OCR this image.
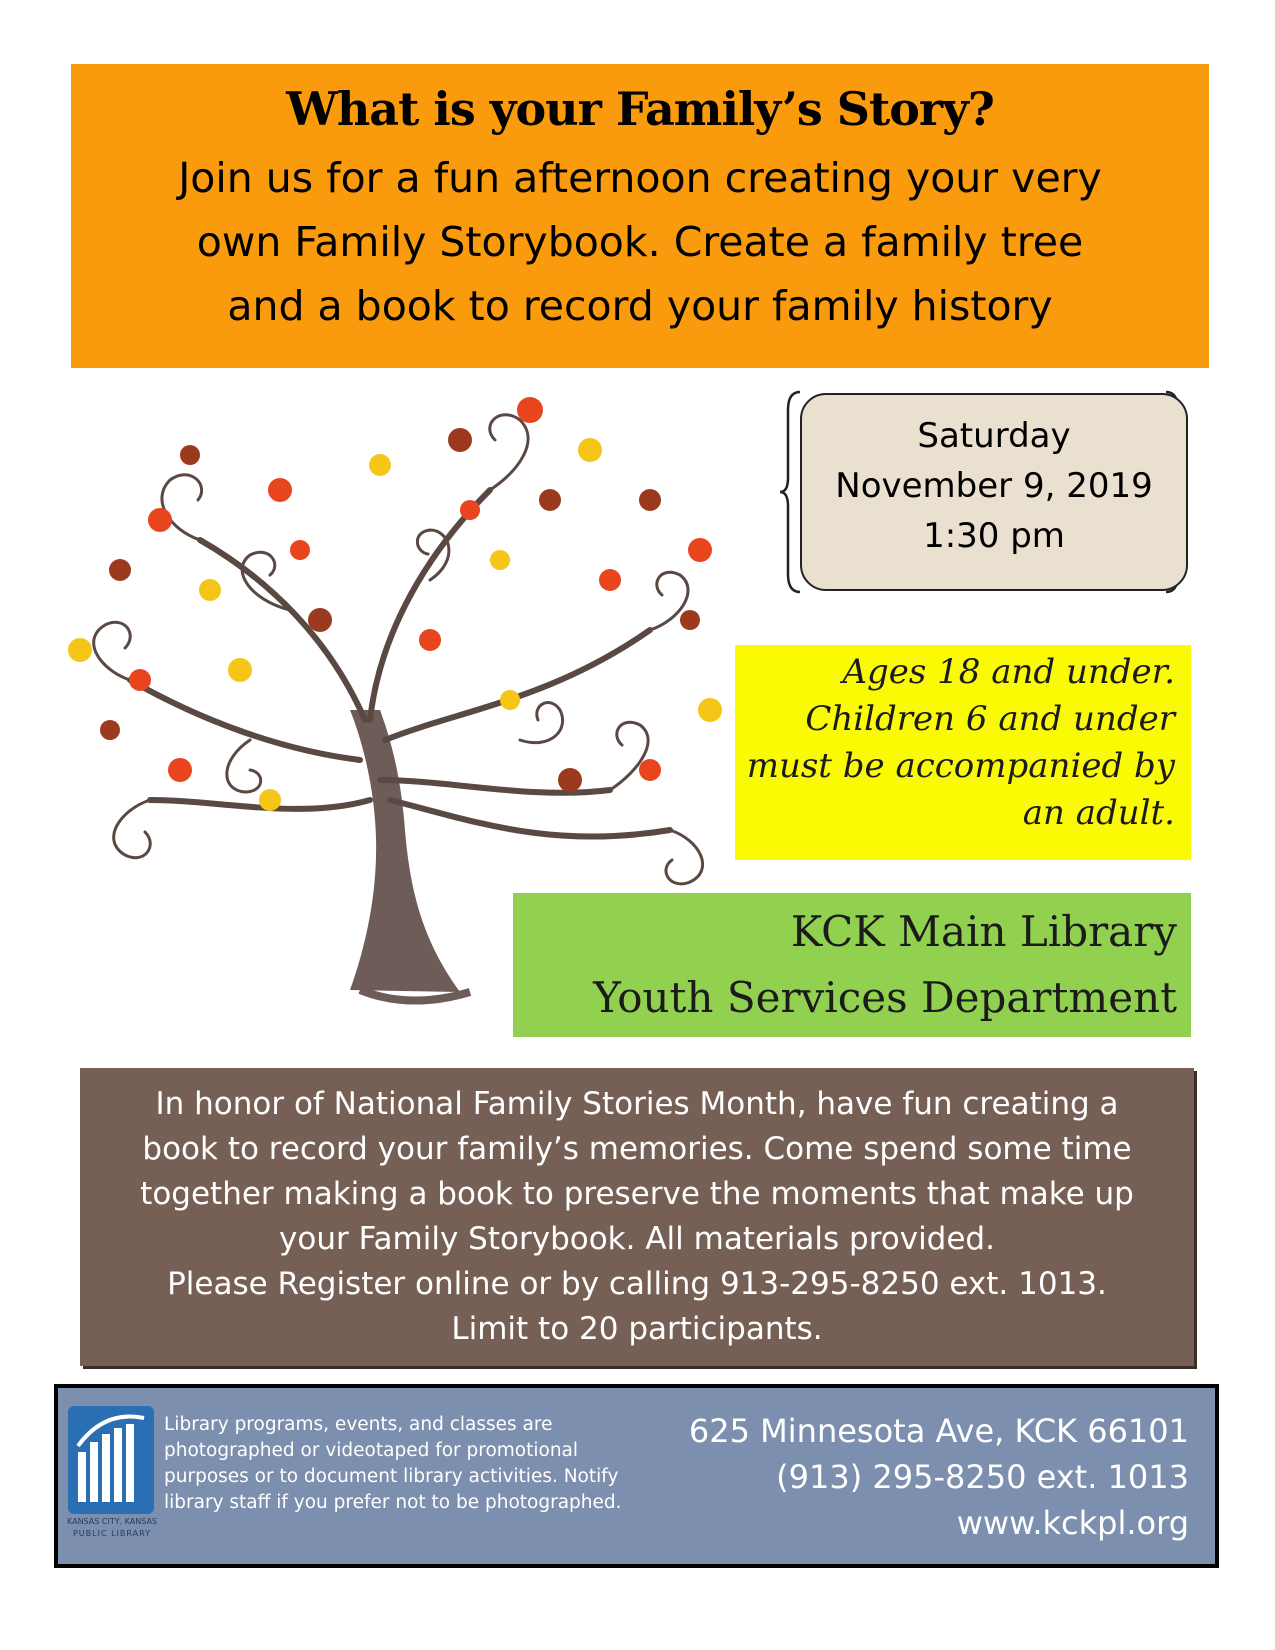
What is your Family’s Story?
Join us for a fun afternoon creating your very
own Family Storybook. Create a family tree
and a book to record your family history
Saturday
November 9, 2019
1:30 pm
Ages 18 and under.
Children 6 and under
must be accompanied by
an adult.
KCK Main Library
Youth Services Department
In honor of National Family Stories Month, have fun creating a
book to record your family’s memories. Come spend some time
together making a book to preserve the moments that make up
your Family Storybook. All materials provided.
Please Register online or by calling 913-295-8250 ext. 1013.
Limit to 20 participants.
KANSAS CITY, KANSAS
PUBLIC LIBRARY
Library programs, events, and classes are
photographed or videotaped for promotional
purposes or to document library activities. Notify
library staff if you prefer not to be photographed.
625 Minnesota Ave, KCK 66101
(913) 295-8250 ext. 1013
www.kckpl.org
